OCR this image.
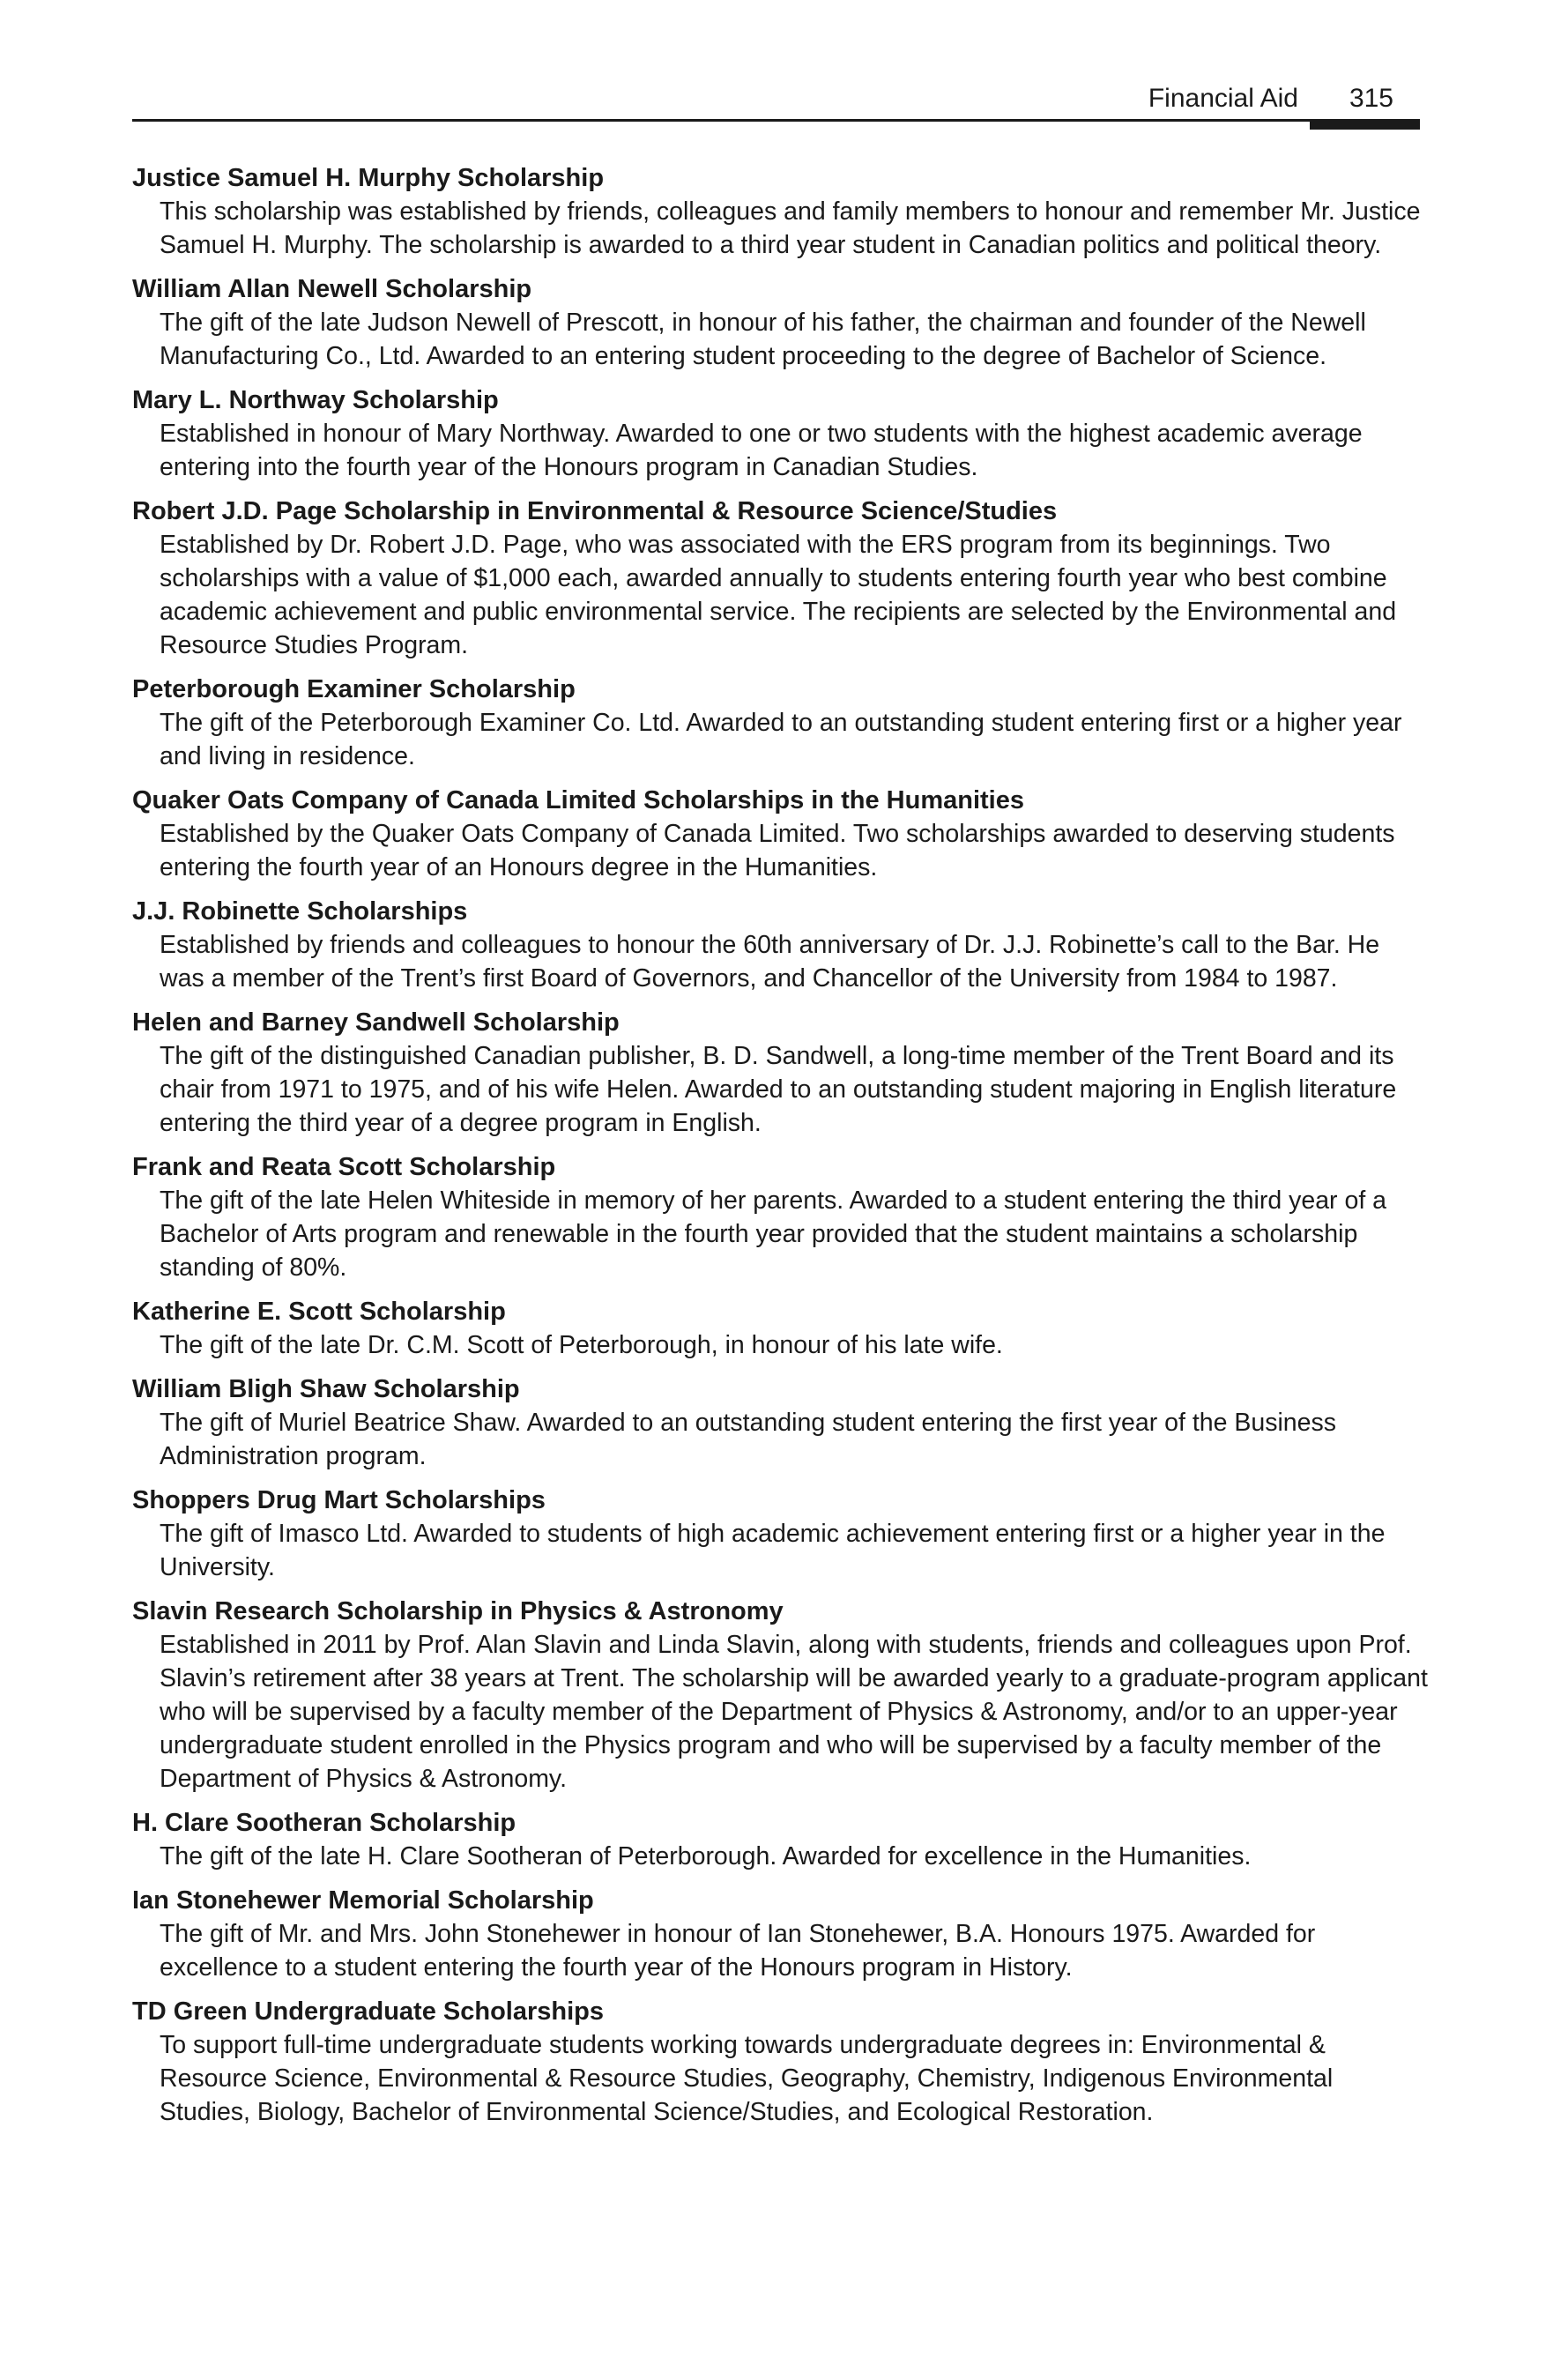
Financial Aid 315

Justice Samuel H. Murphy Scholarship

This scholarship was established by friends, colleagues and family members to honour and remember Mr. Justice Samuel H. Murphy. The scholarship is awarded to a third year student in Canadian politics and political theory.

William Allan Newell Scholarship

The gift of the late Judson Newell of Prescott, in honour of his father, the chairman and founder of the Newell Manufacturing Co., Ltd. Awarded to an entering student proceeding to the degree of Bachelor of Science.

Mary L. Northway Scholarship

Established in honour of Mary Northway. Awarded to one or two students with the highest academic average entering into the fourth year of the Honours program in Canadian Studies.

Robert J.D. Page Scholarship in Environmental & Resource Science/Studies

Established by Dr. Robert J.D. Page, who was associated with the ERS program from its beginnings. Two scholarships with a value of $1,000 each, awarded annually to students entering fourth year who best combine academic achievement and public environmental service. The recipients are selected by the Environmental and Resource Studies Program.

Peterborough Examiner Scholarship

The gift of the Peterborough Examiner Co. Ltd. Awarded to an outstanding student entering first or a higher year and living in residence.

Quaker Oats Company of Canada Limited Scholarships in the Humanities

Established by the Quaker Oats Company of Canada Limited. Two scholarships awarded to deserving students entering the fourth year of an Honours degree in the Humanities.

J.J. Robinette Scholarships

Established by friends and colleagues to honour the 60th anniversary of Dr. J.J. Robinette’s call to the Bar. He was a member of the Trent’s first Board of Governors, and Chancellor of the University from 1984 to 1987.

Helen and Barney Sandwell Scholarship

The gift of the distinguished Canadian publisher, B. D. Sandwell, a long-time member of the Trent Board and its chair from 1971 to 1975, and of his wife Helen. Awarded to an outstanding student majoring in English literature entering the third year of a degree program in English.

Frank and Reata Scott Scholarship

The gift of the late Helen Whiteside in memory of her parents. Awarded to a student entering the third year of a Bachelor of Arts program and renewable in the fourth year provided that the student maintains a scholarship standing of 80%.

Katherine E. Scott Scholarship

The gift of the late Dr. C.M. Scott of Peterborough, in honour of his late wife.

William Bligh Shaw Scholarship

The gift of Muriel Beatrice Shaw. Awarded to an outstanding student entering the first year of the Business Administration program.

Shoppers Drug Mart Scholarships

The gift of Imasco Ltd. Awarded to students of high academic achievement entering first or a higher year in the University.

Slavin Research Scholarship in Physics & Astronomy

Established in 2011 by Prof. Alan Slavin and Linda Slavin, along with students, friends and colleagues upon Prof. Slavin’s retirement after 38 years at Trent. The scholarship will be awarded yearly to a graduate-program applicant who will be supervised by a faculty member of the Department of Physics & Astronomy, and/or to an upper-year undergraduate student enrolled in the Physics program and who will be supervised by a faculty member of the Department of Physics & Astronomy.

H. Clare Sootheran Scholarship

The gift of the late H. Clare Sootheran of Peterborough. Awarded for excellence in the Humanities.

Ian Stonehewer Memorial Scholarship

The gift of Mr. and Mrs. John Stonehewer in honour of Ian Stonehewer, B.A. Honours 1975. Awarded for excellence to a student entering the fourth year of the Honours program in History.

TD Green Undergraduate Scholarships

To support full-time undergraduate students working towards undergraduate degrees in: Environmental & Resource Science, Environmental & Resource Studies, Geography, Chemistry, Indigenous Environmental Studies, Biology, Bachelor of Environmental Science/Studies, and Ecological Restoration.
